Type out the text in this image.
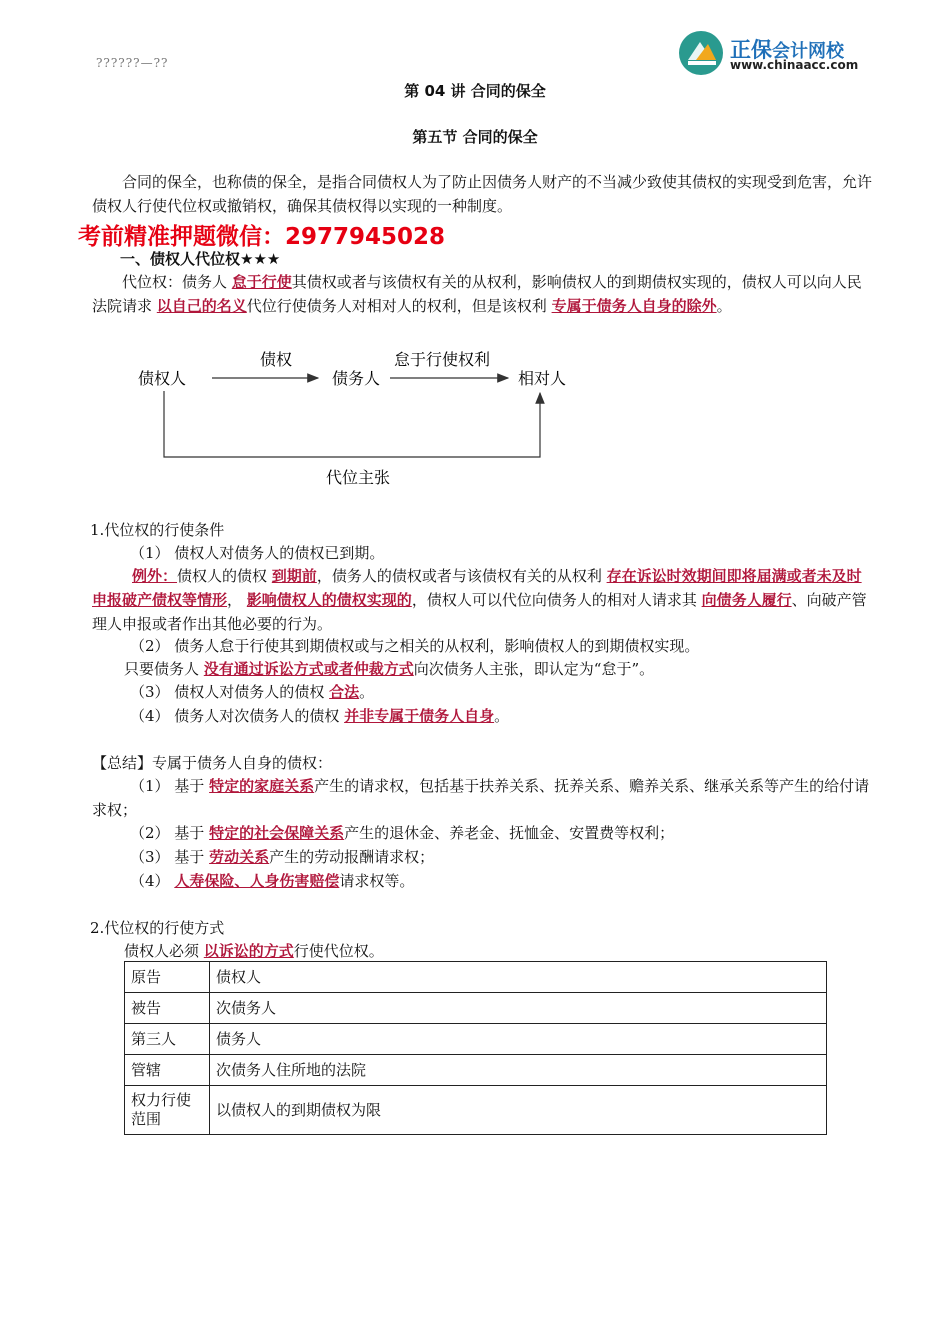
??????—??
正保会计网校
www.chinaacc.com
第 04 讲 合同的保全
第五节 合同的保全
合同的保全，也称债的保全，是指合同债权人为了防止因债务人财产的不当减少致使其债权的实现受到危害，允许债权人行使代位权或撤销权，确保其债权得以实现的一种制度。
考前精准押题微信：2977945028
一、债权人代位权★★★
代位权：债务人 怠于行使其债权或者与该债权有关的从权利，影响债权人的到期债权实现的，债权人可以向人民法院请求 以自己的名义代位行使债务人对相对人的权利，但是该权利 专属于债务人自身的除外。
债权人	债务人	相对人
债权	怠于行使权利
代位主张
1.代位权的行使条件
（1） 债权人对债务人的债权已到期。
例外：债权人的债权 到期前，债务人的债权或者与该债权有关的从权利 存在诉讼时效期间即将届满或者未及时申报破产债权等情形， 影响债权人的债权实现的，债权人可以代位向债务人的相对人请求其 向债务人履行、向破产管理人申报或者作出其他必要的行为。
（2） 债务人怠于行使其到期债权或与之相关的从权利，影响债权人的到期债权实现。
只要债务人 没有通过诉讼方式或者仲裁方式向次债务人主张，即认定为“怠于”。
（3） 债权人对债务人的债权 合法。
（4） 债务人对次债务人的债权 并非专属于债务人自身。
【总结】专属于债务人自身的债权：
（1） 基于 特定的家庭关系产生的请求权，包括基于扶养关系、抚养关系、赡养关系、继承关系等产生的给付请求权；
（2） 基于 特定的社会保障关系产生的退休金、养老金、抚恤金、安置费等权利；
（3） 基于 劳动关系产生的劳动报酬请求权；
（4） 人寿保险、人身伤害赔偿请求权等。
2.代位权的行使方式
债权人必须 以诉讼的方式行使代位权。
原告	债权人
被告	次债务人
第三人	债务人
管辖	次债务人住所地的法院
权力行使范围	以债权人的到期债权为限
